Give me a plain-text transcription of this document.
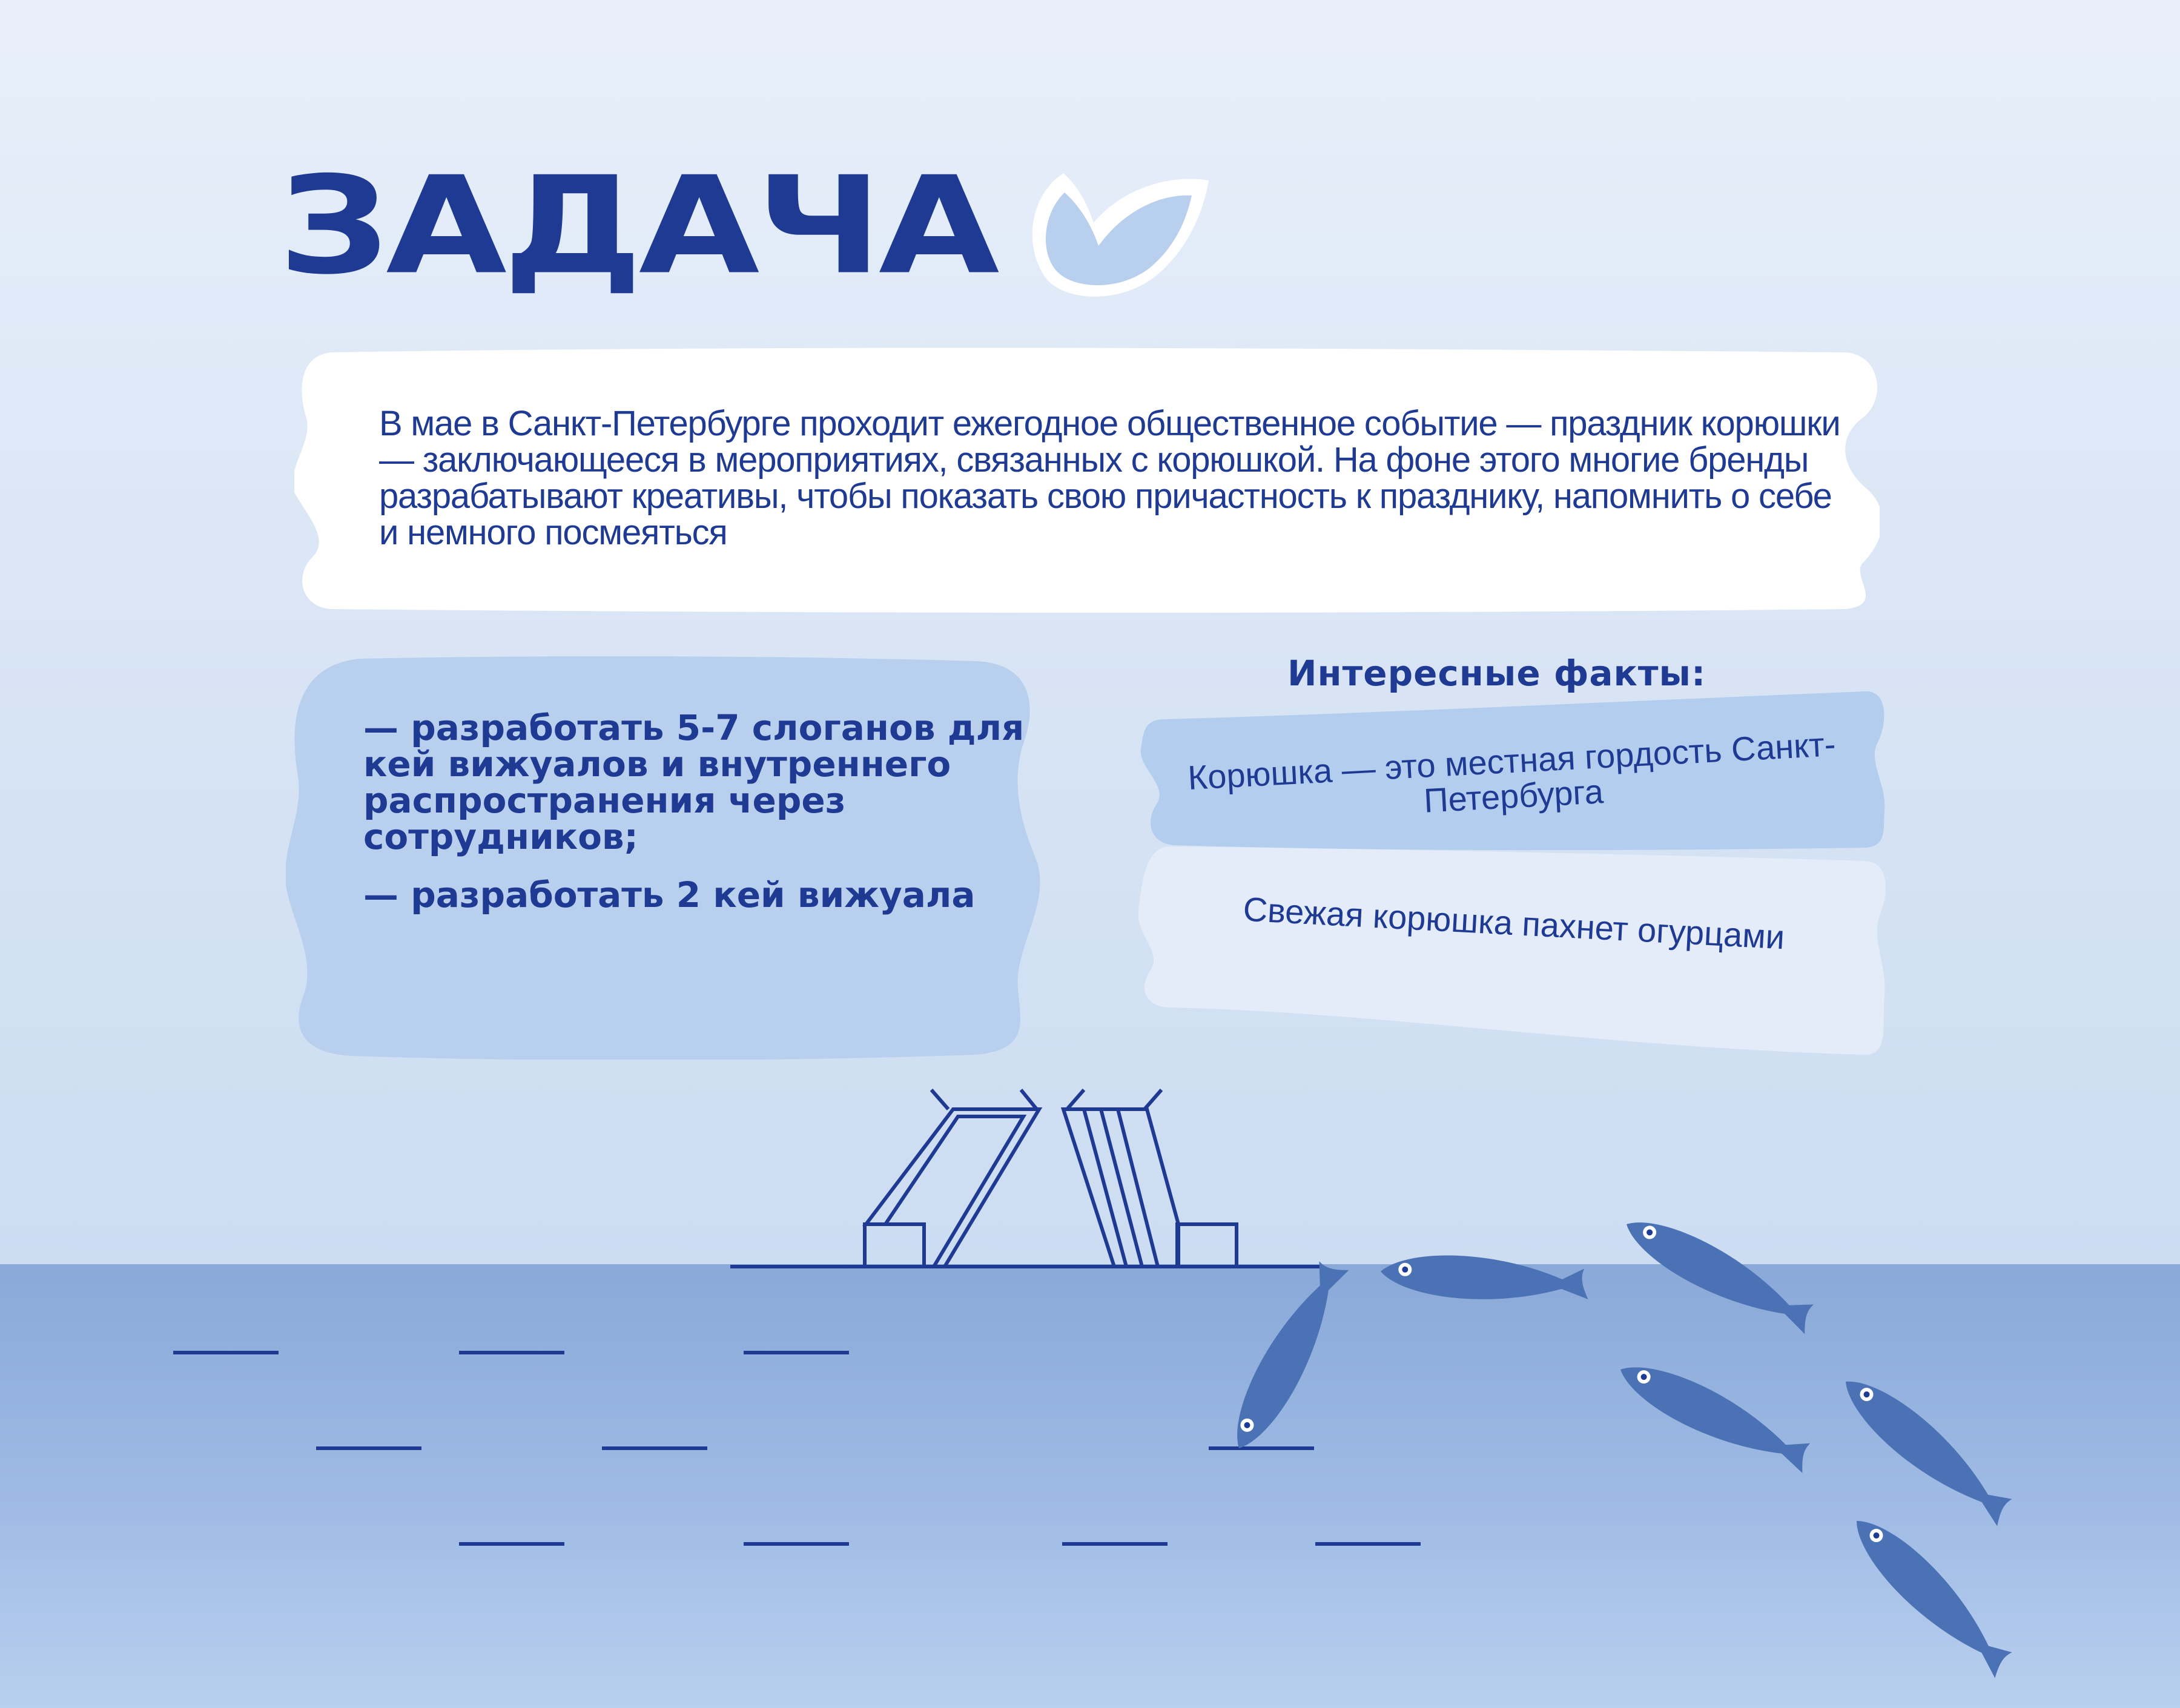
ЗАДАЧА
В мае в Санкт-Петербурге проходит ежегодное общественное событие — праздник корюшки — заключающееся в мероприятиях, связанных с корюшкой. На фоне этого многие бренды разрабатывают креативы, чтобы показать свою причастность к празднику, напомнить о себе и немного посмеяться

— разработать 5-7 слоганов для кей вижуалов и внутреннего распространения через сотрудников;

— разработать 2 кей вижуала

Интересные факты:
Корюшка — это местная гордость Санкт-Петербурга
Свежая корюшка пахнет огурцами
